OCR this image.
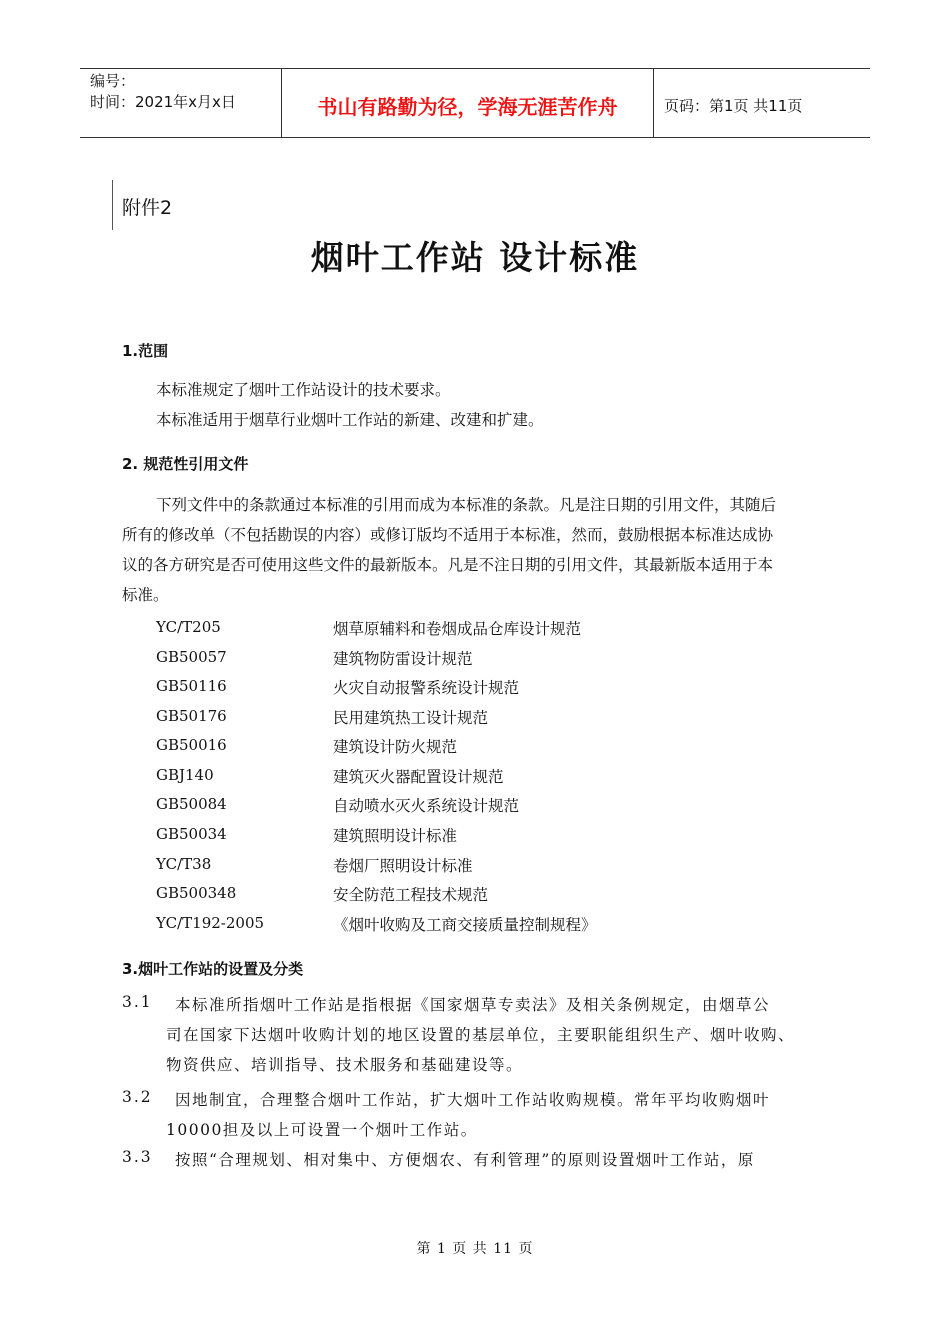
编号：
时间：2021年x月x日	书山有路勤为径，学海无涯苦作舟	页码：第1页 共11页
附件2
烟叶工作站 设计标准
1.范围
本标准规定了烟叶工作站设计的技术要求。
本标准适用于烟草行业烟叶工作站的新建、改建和扩建。
2. 规范性引用文件
下列文件中的条款通过本标准的引用而成为本标准的条款。凡是注日期的引用文件，其随后
所有的修改单（不包括勘误的内容）或修订版均不适用于本标准，然而，鼓励根据本标准达成协
议的各方研究是否可使用这些文件的最新版本。凡是不注日期的引用文件，其最新版本适用于本
标准。
YC/T205	烟草原辅料和卷烟成品仓库设计规范
GB50057	建筑物防雷设计规范
GB50116	火灾自动报警系统设计规范
GB50176	民用建筑热工设计规范
GB50016	建筑设计防火规范
GBJ140	建筑灭火器配置设计规范
GB50084	自动喷水灭火系统设计规范
GB50034	建筑照明设计标准
YC/T38	卷烟厂照明设计标准
GB500348	安全防范工程技术规范
YC/T192-2005	《烟叶收购及工商交接质量控制规程》
3.烟叶工作站的设置及分类
3.1 本标准所指烟叶工作站是指根据《国家烟草专卖法》及相关条例规定，由烟草公
司在国家下达烟叶收购计划的地区设置的基层单位，主要职能组织生产、烟叶收购、
物资供应、培训指导、技术服务和基础建设等。
3.2 因地制宜，合理整合烟叶工作站，扩大烟叶工作站收购规模。常年平均收购烟叶
10000担及以上可设置一个烟叶工作站。
3.3 按照“合理规划、相对集中、方便烟农、有利管理”的原则设置烟叶工作站，原
第 1 页 共 11 页
